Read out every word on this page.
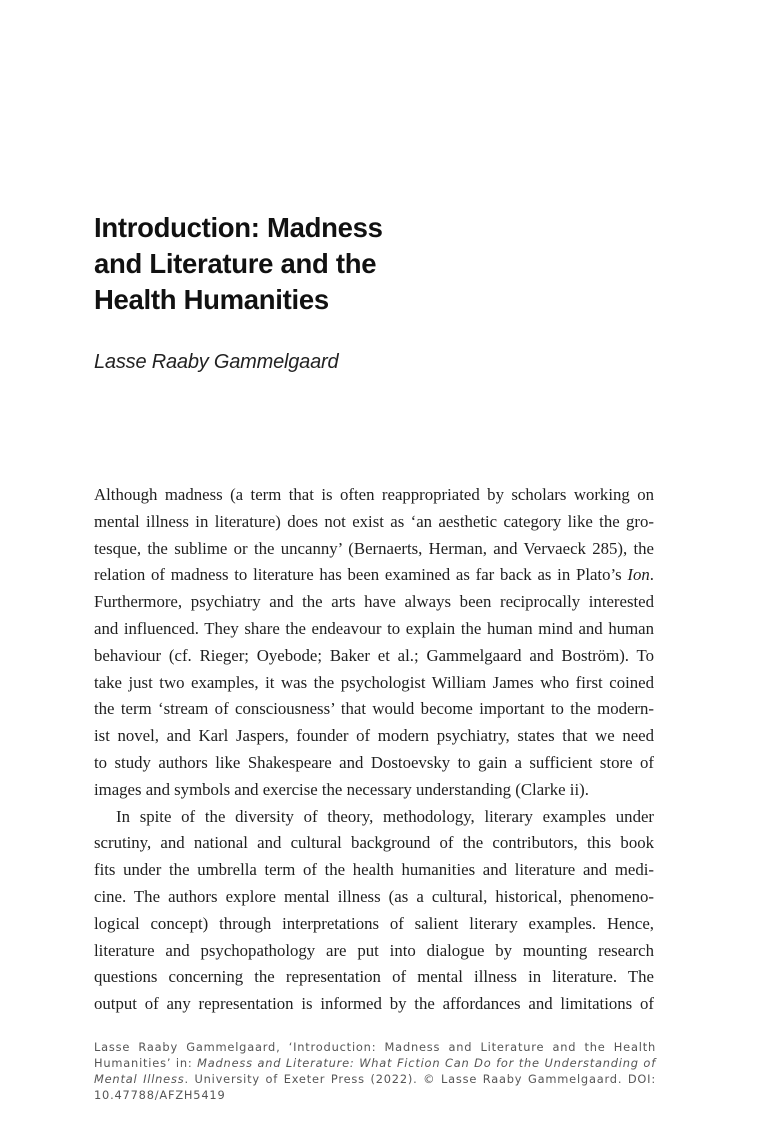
Introduction: Madness
and Literature and the
Health Humanities

Lasse Raaby Gammelgaard

Although madness (a term that is often reappropriated by scholars working on
mental illness in literature) does not exist as ‘an aesthetic category like the gro-
tesque, the sublime or the uncanny’ (Bernaerts, Herman, and Vervaeck 285), the
relation of madness to literature has been examined as far back as in Plato’s Ion.
Furthermore, psychiatry and the arts have always been reciprocally interested
and influenced. They share the endeavour to explain the human mind and human
behaviour (cf. Rieger; Oyebode; Baker et al.; Gammelgaard and Boström). To
take just two examples, it was the psychologist William James who first coined
the term ‘stream of consciousness’ that would become important to the modern-
ist novel, and Karl Jaspers, founder of modern psychiatry, states that we need
to study authors like Shakespeare and Dostoevsky to gain a sufficient store of
images and symbols and exercise the necessary understanding (Clarke ii).

In spite of the diversity of theory, methodology, literary examples under
scrutiny, and national and cultural background of the contributors, this book
fits under the umbrella term of the health humanities and literature and medi-
cine. The authors explore mental illness (as a cultural, historical, phenomeno-
logical concept) through interpretations of salient literary examples. Hence,
literature and psychopathology are put into dialogue by mounting research
questions concerning the representation of mental illness in literature. The
output of any representation is informed by the affordances and limitations of

Lasse Raaby Gammelgaard, ‘Introduction: Madness and Literature and the Health
Humanities’ in: Madness and Literature: What Fiction Can Do for the Understanding of
Mental Illness. University of Exeter Press (2022). © Lasse Raaby Gammelgaard. DOI:
10.47788/AFZH5419
